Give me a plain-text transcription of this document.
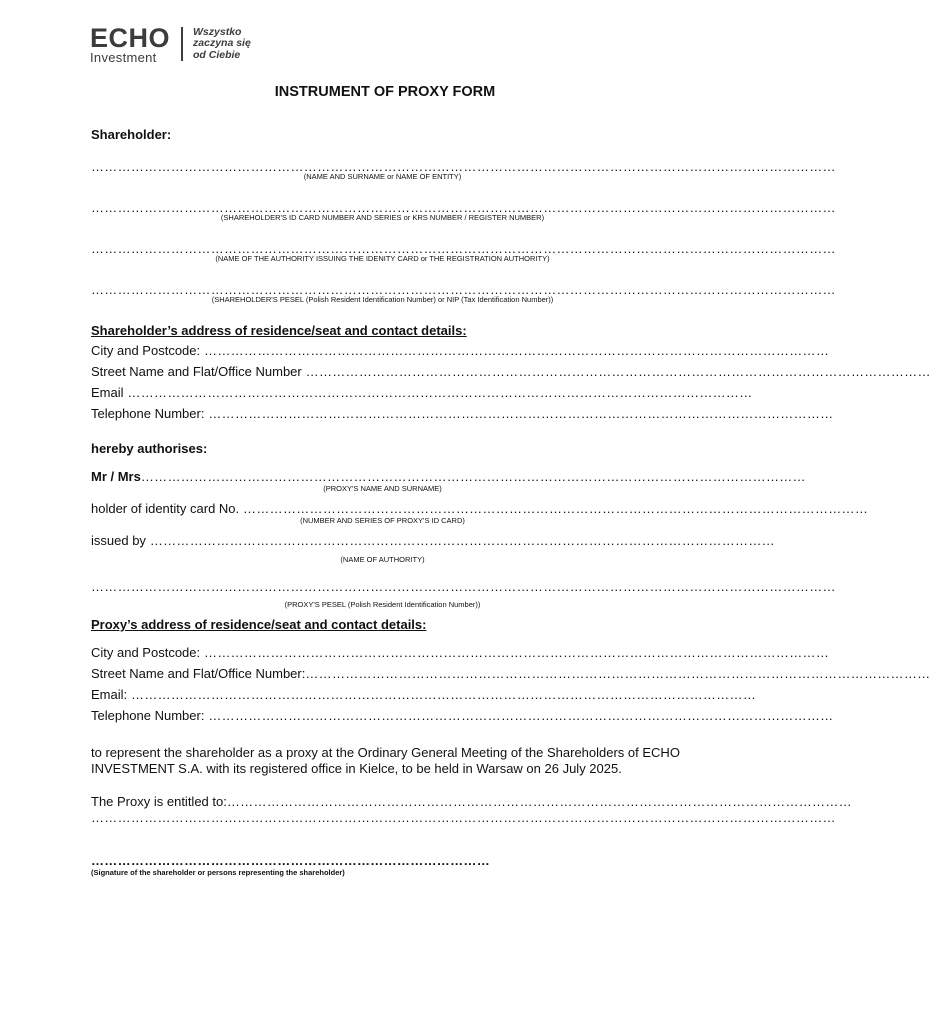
ECHO
Investment
Wszystko
zaczyna się
od Ciebie
INSTRUMENT OF PROXY FORM
Shareholder:
……………………………………………………………………………………………………………………………………………………
(NAME AND SURNAME or NAME OF ENTITY)
……………………………………………………………………………………………………………………………………………………
(SHAREHOLDER'S ID CARD NUMBER AND SERIES or KRS NUMBER / REGISTER NUMBER)
……………………………………………………………………………………………………………………………………………………
(NAME OF THE AUTHORITY ISSUING THE IDENITY CARD or THE REGISTRATION AUTHORITY)
……………………………………………………………………………………………………………………………………………………
(SHAREHOLDER'S PESEL (Polish Resident Identification Number) or NIP (Tax Identification Number))
Shareholder’s address of residence/seat and contact details:
City and Postcode: ……………………………………………………………………………………………………………………………
Street Name and Flat/Office Number ……………………………………………………………………………………………………………………………
Email ……………………………………………………………………………………………………………………………
Telephone Number: ……………………………………………………………………………………………………………………………
hereby authorises:
Mr / Mrs ……………………………………………………………………………………………………………………………………
(PROXY'S NAME AND SURNAME)
holder of identity card No. ……………………………………………………………………………………………………………………………
(NUMBER AND SERIES OF PROXY'S ID CARD)
issued by ……………………………………………………………………………………………………………………………
(NAME OF AUTHORITY)
……………………………………………………………………………………………………………………………………………………
(PROXY'S PESEL (Polish Resident Identification Number))
Proxy’s address of residence/seat and contact details:
City and Postcode: ……………………………………………………………………………………………………………………………
Street Name and Flat/Office Number: ……………………………………………………………………………………………………………………………
Email: ……………………………………………………………………………………………………………………………
Telephone Number: ……………………………………………………………………………………………………………………………
to represent the shareholder as a proxy at the Ordinary General Meeting of the Shareholders of ECHO INVESTMENT S.A. with its registered office in Kielce, to be held in Warsaw on 26 July 2025.
The Proxy is entitled to: ……………………………………………………………………………………………………………………………
……………………………………………………………………………………………………………………………………………………
………………………………………………………………………………
(Signature of the shareholder or persons representing the shareholder)
